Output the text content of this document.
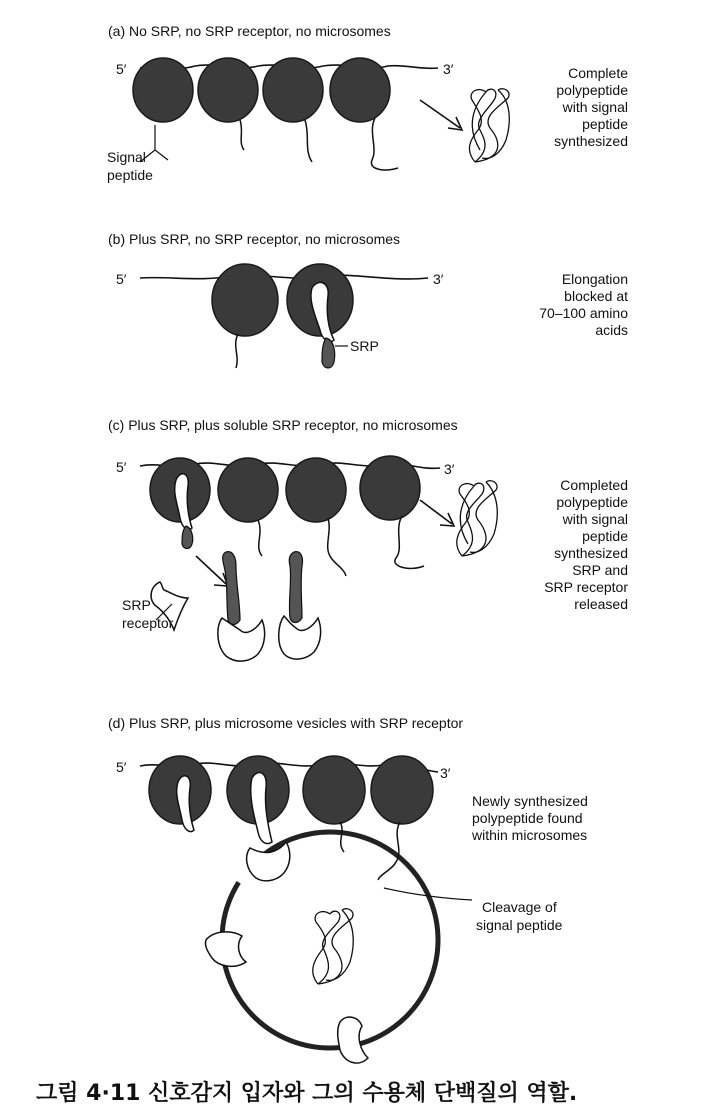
(a) No SRP, no SRP receptor, no microsomes
5′	3′
Signal
peptide
Complete
polypeptide
with signal
peptide
synthesized
(b) Plus SRP, no SRP receptor, no microsomes
5′	3′
SRP
Elongation
blocked at
70–100 amino
acids
(c) Plus SRP, plus soluble SRP receptor, no microsomes
5′	3′
SRP
receptor
Completed
polypeptide
with signal
peptide
synthesized
SRP and
SRP receptor
released
(d) Plus SRP, plus microsome vesicles with SRP receptor
5′	3′
Cleavage of
signal peptide
Newly synthesized
polypeptide found
within microsomes
그림 4·11 신호감지 입자와 그의 수용체 단백질의 역할.
